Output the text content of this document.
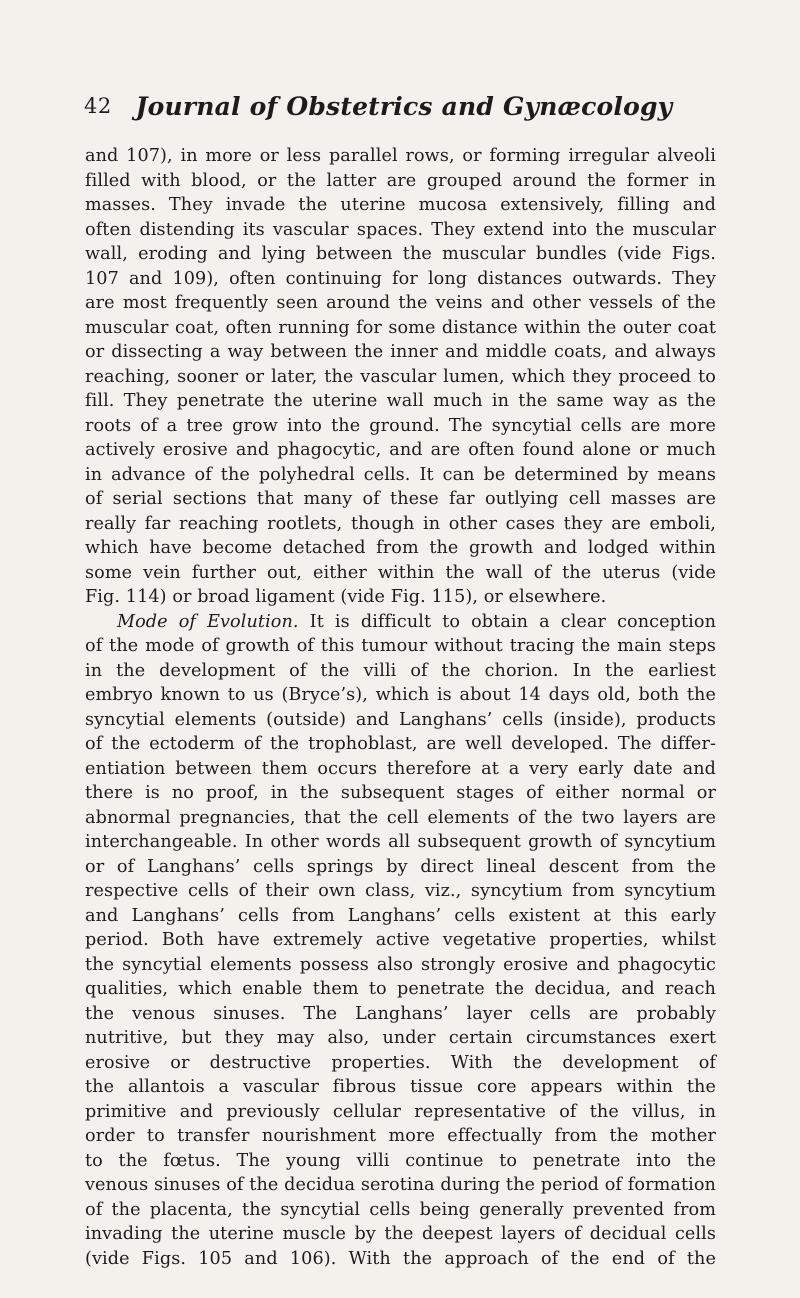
42 Journal of Obstetrics and Gynæcology
and 107), in more or less parallel rows, or forming irregular alveoli
filled with blood, or the latter are grouped around the former in
masses. They invade the uterine mucosa extensively, filling and
often distending its vascular spaces. They extend into the muscular
wall, eroding and lying between the muscular bundles (vide Figs.
107 and 109), often continuing for long distances outwards. They
are most frequently seen around the veins and other vessels of the
muscular coat, often running for some distance within the outer coat
or dissecting a way between the inner and middle coats, and always
reaching, sooner or later, the vascular lumen, which they proceed to
fill. They penetrate the uterine wall much in the same way as the
roots of a tree grow into the ground. The syncytial cells are more
actively erosive and phagocytic, and are often found alone or much
in advance of the polyhedral cells. It can be determined by means
of serial sections that many of these far outlying cell masses are
really far reaching rootlets, though in other cases they are emboli,
which have become detached from the growth and lodged within
some vein further out, either within the wall of the uterus (vide
Fig. 114) or broad ligament (vide Fig. 115), or elsewhere.
Mode of Evolution. It is difficult to obtain a clear conception
of the mode of growth of this tumour without tracing the main steps
in the development of the villi of the chorion. In the earliest
embryo known to us (Bryce’s), which is about 14 days old, both the
syncytial elements (outside) and Langhans’ cells (inside), products
of the ectoderm of the trophoblast, are well developed. The differ-
entiation between them occurs therefore at a very early date and
there is no proof, in the subsequent stages of either normal or
abnormal pregnancies, that the cell elements of the two layers are
interchangeable. In other words all subsequent growth of syncytium
or of Langhans’ cells springs by direct lineal descent from the
respective cells of their own class, viz., syncytium from syncytium
and Langhans’ cells from Langhans’ cells existent at this early
period. Both have extremely active vegetative properties, whilst
the syncytial elements possess also strongly erosive and phagocytic
qualities, which enable them to penetrate the decidua, and reach
the venous sinuses. The Langhans’ layer cells are probably
nutritive, but they may also, under certain circumstances exert
erosive or destructive properties. With the development of
the allantois a vascular fibrous tissue core appears within the
primitive and previously cellular representative of the villus, in
order to transfer nourishment more effectually from the mother
to the fœtus. The young villi continue to penetrate into the
venous sinuses of the decidua serotina during the period of formation
of the placenta, the syncytial cells being generally prevented from
invading the uterine muscle by the deepest layers of decidual cells
(vide Figs. 105 and 106). With the approach of the end of the
